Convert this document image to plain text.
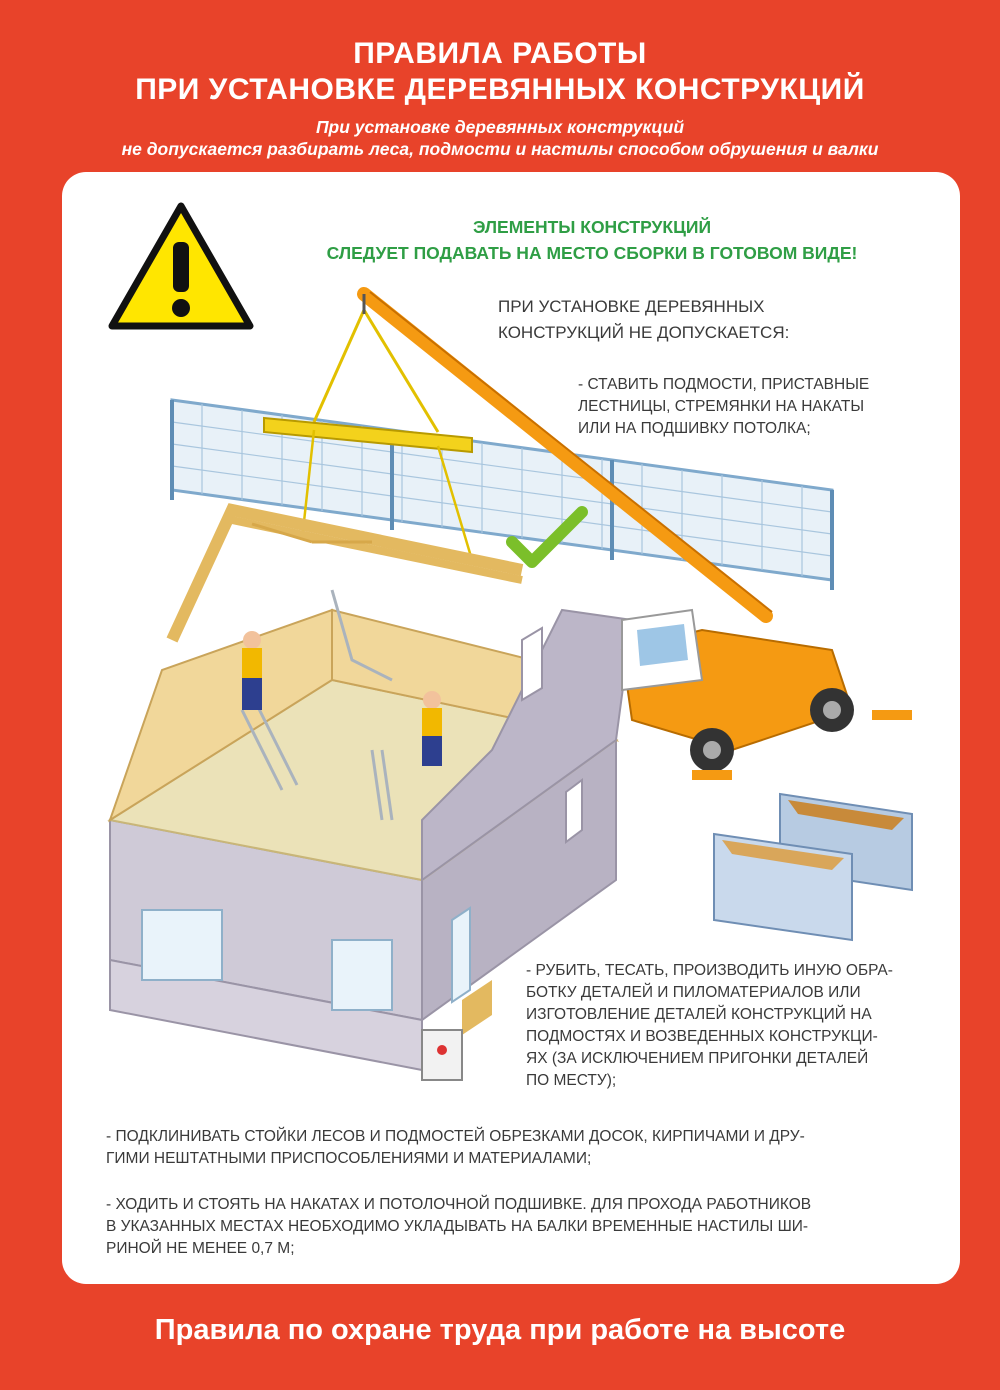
ПРАВИЛА РАБОТЫ
ПРИ УСТАНОВКЕ ДЕРЕВЯННЫХ КОНСТРУКЦИЙ
При установке деревянных конструкций
не допускается разбирать леса, подмости и настилы способом обрушения и валки
ЭЛЕМЕНТЫ КОНСТРУКЦИЙ
СЛЕДУЕТ ПОДАВАТЬ НА МЕСТО СБОРКИ В ГОТОВОМ ВИДЕ!
ПРИ УСТАНОВКЕ ДЕРЕВЯННЫХ
КОНСТРУКЦИЙ НЕ ДОПУСКАЕТСЯ:
- СТАВИТЬ ПОДМОСТИ, ПРИСТАВНЫЕ
ЛЕСТНИЦЫ, СТРЕМЯНКИ НА НАКАТЫ
ИЛИ НА ПОДШИВКУ ПОТОЛКА;
- РУБИТЬ, ТЕСАТЬ, ПРОИЗВОДИТЬ ИНУЮ ОБРА-
БОТКУ ДЕТАЛЕЙ И ПИЛОМАТЕРИАЛОВ ИЛИ
ИЗГОТОВЛЕНИЕ ДЕТАЛЕЙ КОНСТРУКЦИЙ НА
ПОДМОСТЯХ И ВОЗВЕДЕННЫХ КОНСТРУКЦИ-
ЯХ (ЗА ИСКЛЮЧЕНИЕМ ПРИГОНКИ ДЕТАЛЕЙ
ПО МЕСТУ);
- ПОДКЛИНИВАТЬ СТОЙКИ ЛЕСОВ И ПОДМОСТЕЙ ОБРЕЗКАМИ ДОСОК, КИРПИЧАМИ И ДРУ-
ГИМИ НЕШТАТНЫМИ ПРИСПОСОБЛЕНИЯМИ И МАТЕРИАЛАМИ;
- ХОДИТЬ И СТОЯТЬ НА НАКАТАХ И ПОТОЛОЧНОЙ ПОДШИВКЕ. ДЛЯ ПРОХОДА РАБОТНИКОВ
В УКАЗАННЫХ МЕСТАХ НЕОБХОДИМО УКЛАДЫВАТЬ НА БАЛКИ ВРЕМЕННЫЕ НАСТИЛЫ ШИ-
РИНОЙ НЕ МЕНЕЕ 0,7 М;
Правила по охране труда при работе на высоте
